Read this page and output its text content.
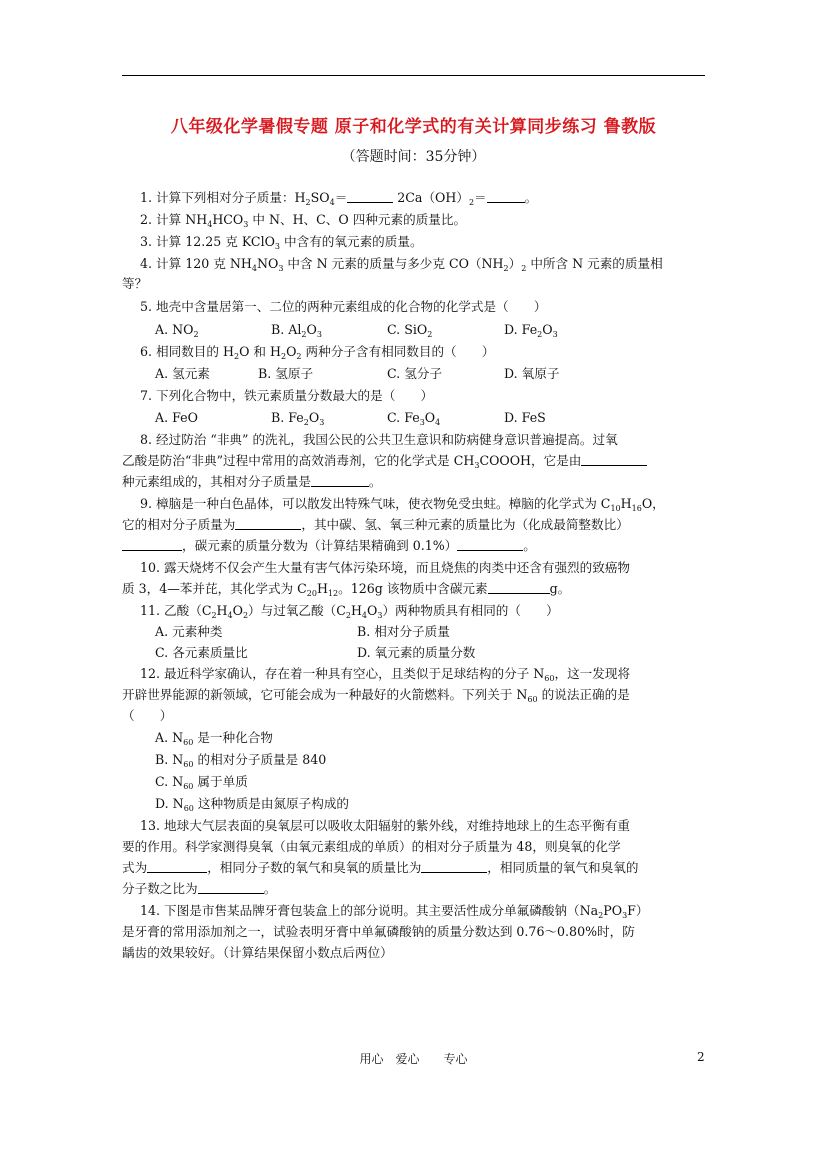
八年级化学暑假专题 原子和化学式的有关计算同步练习 鲁教版
（答题时间：35分钟）
1. 计算下列相对分子质量：$H_2SO_4=$	$2Ca(OH)_2=$	。
2. 计算 $NH_4HCO_3$ 中 N、H、C、O 四种元素的质量比。
3. 计算 12.25 克 KClO$_3$ 中含有的氧元素的质量。
4. 计算 120 克 $NH_4NO_3$ 中含 N 元素的质量与多少克 $CO(NH_2)_2$ 中所含 N 元素的质量相
等？
5. 地壳中含量居第一、二位的两种元素组成的化合物的化学式是（　　）
A. $NO_2$	B. $Al_2O_3$	C. SiO$_2$	D. $Fe_2O_3$
6. 相同数目的 $H_2O$ 和 $H_2O_2$ 两种分子含有相同数目的（　　）
A. 氢元素	B. 氢原子	C. 氢分子	D. 氧原子
7. 下列化合物中，铁元素质量分数最大的是（　　）
A. FeO	B. $Fe_2O_3$	C. $Fe_3O_4$	D. FeS
8. 经过防治 “非典” 的洗礼，我国公民的公共卫生意识和防病健身意识普遍提高。过氧
乙酸是防治“非典”过程中常用的高效消毒剂，它的化学式是 $CH_3COOOH$，它是由
种元素组成的，其相对分子质量是	。
9. 樟脑是一种白色晶体，可以散发出特殊气味，使衣物免受虫蛀。樟脑的化学式为 $C_{10}H_{16}O$，
它的相对分子质量为	，其中碳、氢、氧三种元素的质量比为（化成最简整数比）
，碳元素的质量分数为（计算结果精确到 0.1%）	。
10. 露天烧烤不仅会产生大量有害气体污染环境，而且烧焦的肉类中还含有强烈的致癌物
质 3，4—苯并芘，其化学式为 $C_{20}H_{12}$。126g 该物质中含碳元素	g。
11. 乙酸$(C_2H_4O_2)$与过氧乙酸$(C_2H_4O_3)$两种物质具有相同的（　　）
A. 元素种类	B. 相对分子质量
C. 各元素质量比	D. 氧元素的质量分数
12. 最近科学家确认，存在着一种具有空心，且类似于足球结构的分子 $N_{60}$，这一发现将
开辟世界能源的新领域，它可能会成为一种最好的火箭燃料。下列关于 $N_{60}$ 的说法正确的是
（　　）
A. $N_{60}$ 是一种化合物
B. $N_{60}$ 的相对分子质量是 840
C. $N_{60}$ 属于单质
D. $N_{60}$ 这种物质是由氮原子构成的
13. 地球大气层表面的臭氧层可以吸收太阳辐射的紫外线，对维持地球上的生态平衡有重
要的作用。科学家测得臭氧（由氧元素组成的单质）的相对分子质量为 48，则臭氧的化学
式为	，相同分子数的氧气和臭氧的质量比为	，相同质量的氧气和臭氧的
分子数之比为	。
14. 下图是市售某品牌牙膏包装盒上的部分说明。其主要活性成分单氟磷酸钠$(Na_2PO_3F)$
是牙膏的常用添加剂之一，试验表明牙膏中单氟磷酸钠的质量分数达到 0.76～0.80%时，防
龋齿的效果较好。（计算结果保留小数点后两位）
用心　爱心　　专心	2
